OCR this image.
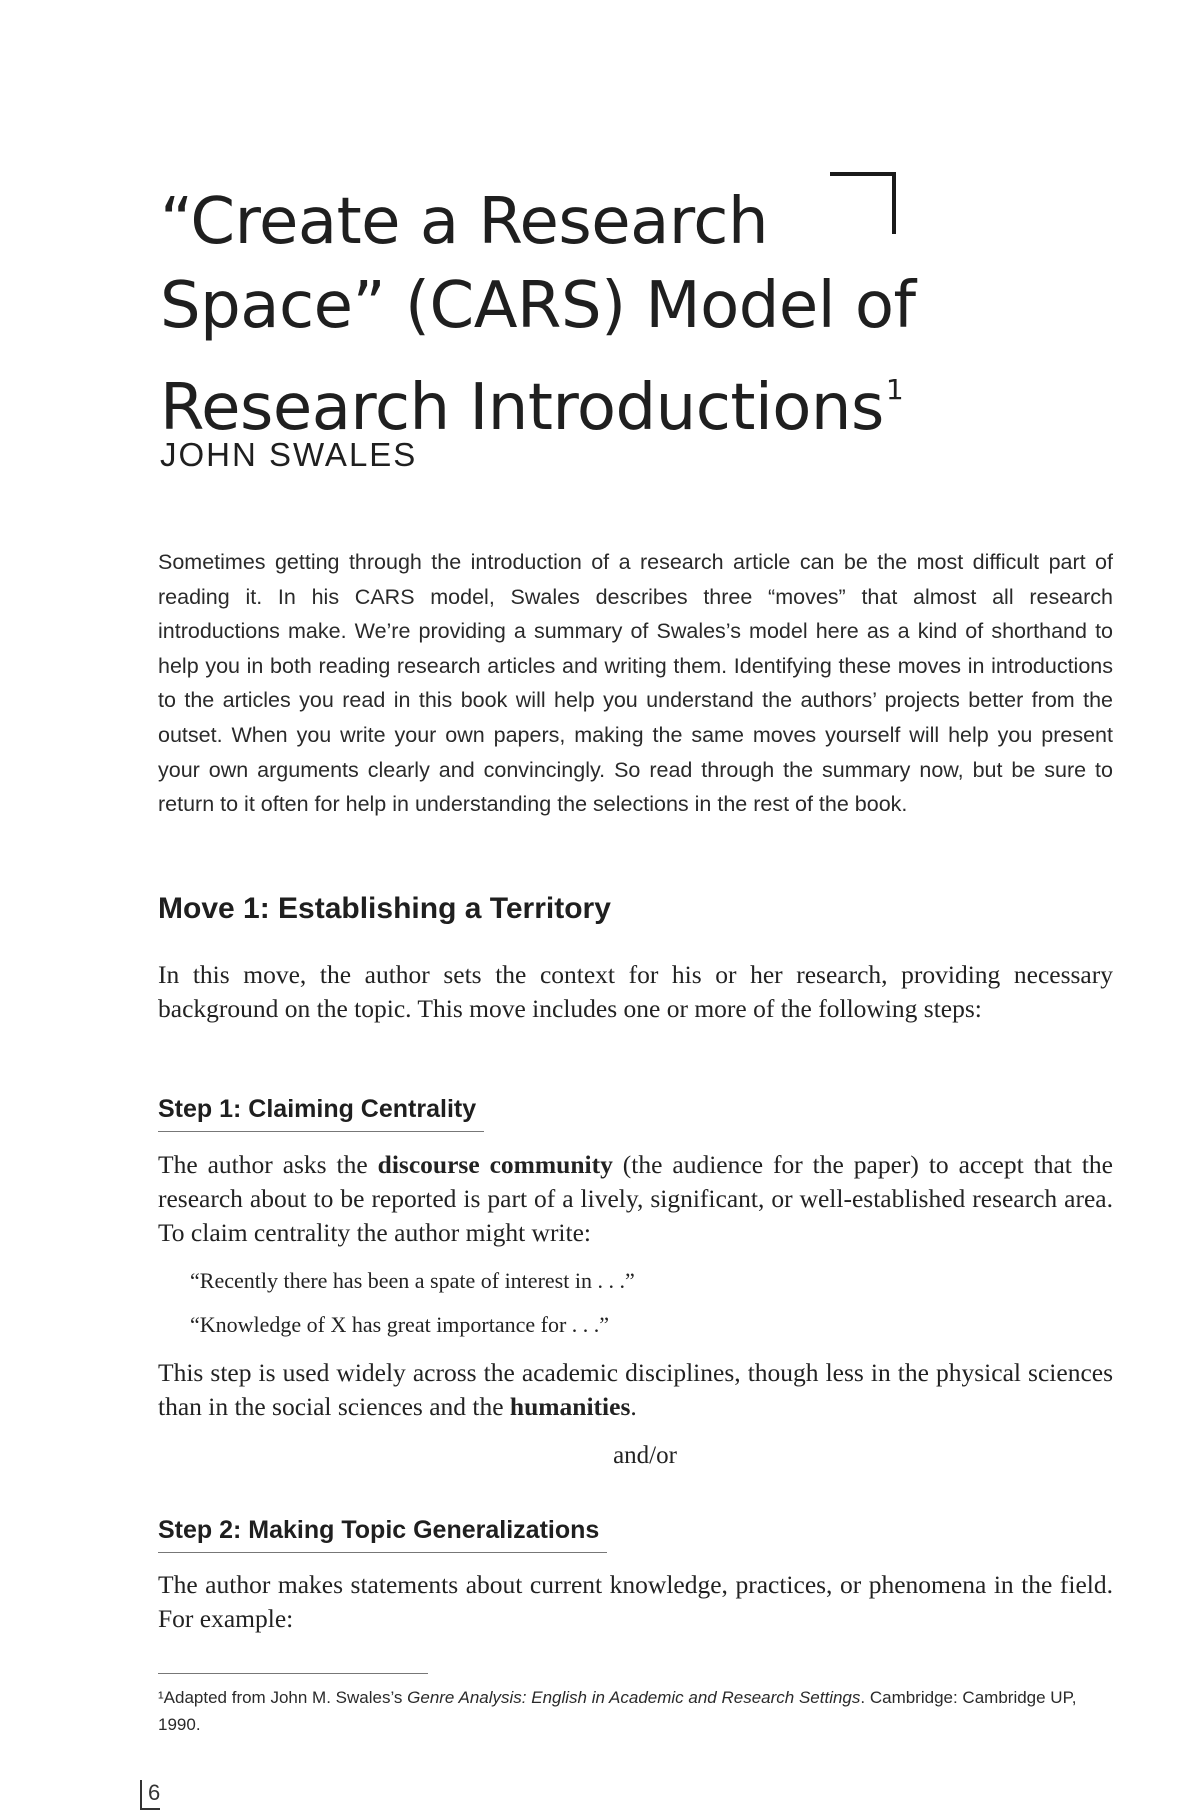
“Create a Research
Space” (CARS) Model of
Research Introductions$^1$
JOHN SWALES

Sometimes getting through the introduction of a research article can be the most difficult part of reading it. In his CARS model, Swales describes three “moves” that almost all research introductions make. We’re providing a summary of Swales’s model here as a kind of shorthand to help you in both reading research articles and writing them. Identifying these moves in introductions to the articles you read in this book will help you understand the authors’ projects better from the outset. When you write your own papers, making the same moves yourself will help you present your own arguments clearly and convincingly. So read through the summary now, but be sure to return to it often for help in understanding the selections in the rest of the book.

Move 1: Establishing a Territory

In this move, the author sets the context for his or her research, providing necessary background on the topic. This move includes one or more of the following steps:

Step 1: Claiming Centrality

The author asks the discourse community (the audience for the paper) to accept that the research about to be reported is part of a lively, significant, or well-established research area. To claim centrality the author might write:

“Recently there has been a spate of interest in . . .”

“Knowledge of X has great importance for . . .”

This step is used widely across the academic disciplines, though less in the physical sciences than in the social sciences and the humanities.

and/or

Step 2: Making Topic Generalizations

The author makes statements about current knowledge, practices, or phenomena in the field. For example:

¹Adapted from John M. Swales’s Genre Analysis: English in Academic and Research Settings. Cambridge: Cambridge UP, 1990.

6
